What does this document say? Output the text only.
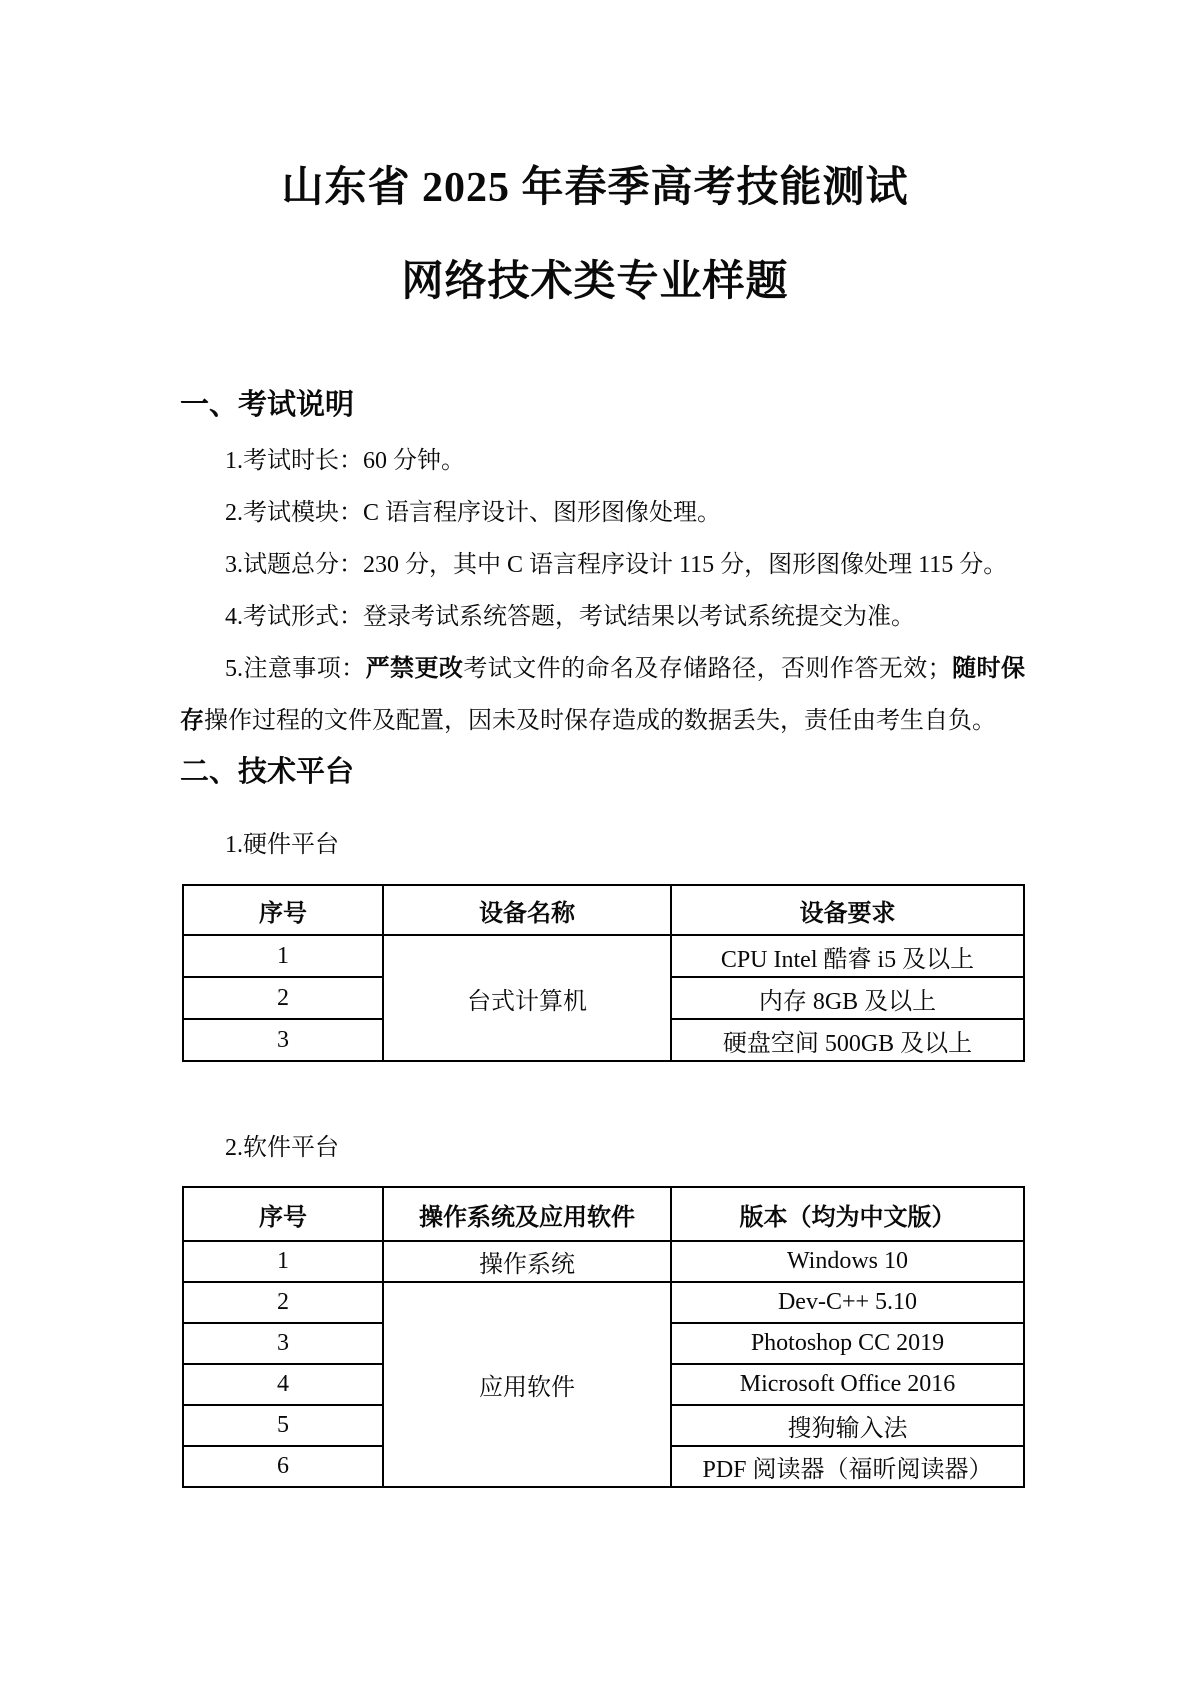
山东省 2025 年春季高考技能测试
网络技术类专业样题
一、考试说明
1.考试时长：60 分钟。
2.考试模块：C 语言程序设计、图形图像处理。
3.试题总分：230 分，其中 C 语言程序设计 115 分，图形图像处理 115 分。
4.考试形式：登录考试系统答题，考试结果以考试系统提交为准。
5.注意事项：严禁更改考试文件的命名及存储路径，否则作答无效；随时保
存操作过程的文件及配置，因未及时保存造成的数据丢失，责任由考生自负。
二、技术平台
1.硬件平台
序号	设备名称	设备要求
1	台式计算机	CPU Intel 酷睿 i5 及以上
2		内存 8GB 及以上
3		硬盘空间 500GB 及以上
2.软件平台
序号	操作系统及应用软件	版本（均为中文版）
1	操作系统	Windows 10
2	应用软件	Dev-C++ 5.10
3		Photoshop CC 2019
4		Microsoft Office 2016
5		搜狗输入法
6		PDF 阅读器（福昕阅读器）
